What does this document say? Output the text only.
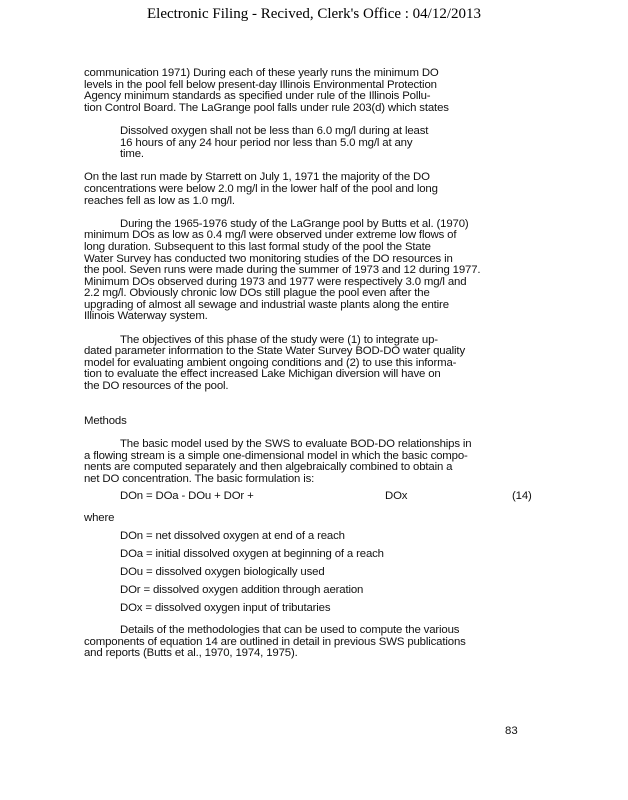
Electronic Filing - Recived, Clerk's Office : 04/12/2013
communication 1971) During each of these yearly runs the minimum DO
levels in the pool fell below present-day Illinois Environmental Protection
Agency minimum standards as specified under rule of the Illinois Pollu-
tion Control Board. The LaGrange pool falls under rule 203(d) which states
Dissolved oxygen shall not be less than 6.0 mg/l during at least
16 hours of any 24 hour period nor less than 5.0 mg/l at any
time.
On the last run made by Starrett on July 1, 1971 the majority of the DO
concentrations were below 2.0 mg/l in the lower half of the pool and long
reaches fell as low as 1.0 mg/l.
During the 1965-1976 study of the LaGrange pool by Butts et al. (1970)
minimum DOs as low as 0.4 mg/l were observed under extreme low flows of
long duration. Subsequent to this last formal study of the pool the State
Water Survey has conducted two monitoring studies of the DO resources in
the pool. Seven runs were made during the summer of 1973 and 12 during 1977.
Minimum DOs observed during 1973 and 1977 were respectively 3.0 mg/l and
2.2 mg/l. Obviously chronic low DOs still plague the pool even after the
upgrading of almost all sewage and industrial waste plants along the entire
Illinois Waterway system.
The objectives of this phase of the study were (1) to integrate up-
dated parameter information to the State Water Survey BOD-DO water quality
model for evaluating ambient ongoing conditions and (2) to use this informa-
tion to evaluate the effect increased Lake Michigan diversion will have on
the DO resources of the pool.
Methods
The basic model used by the SWS to evaluate BOD-DO relationships in
a flowing stream is a simple one-dimensional model in which the basic compo-
nents are computed separately and then algebraically combined to obtain a
net DO concentration. The basic formulation is:
DOn = DOa - DOu + DOr +	DOx	(14)
where
DOn = net dissolved oxygen at end of a reach
DOa = initial dissolved oxygen at beginning of a reach
DOu = dissolved oxygen biologically used
DOr = dissolved oxygen addition through aeration
DOx = dissolved oxygen input of tributaries
Details of the methodologies that can be used to compute the various
components of equation 14 are outlined in detail in previous SWS publications
and reports (Butts et al., 1970, 1974, 1975).
83
